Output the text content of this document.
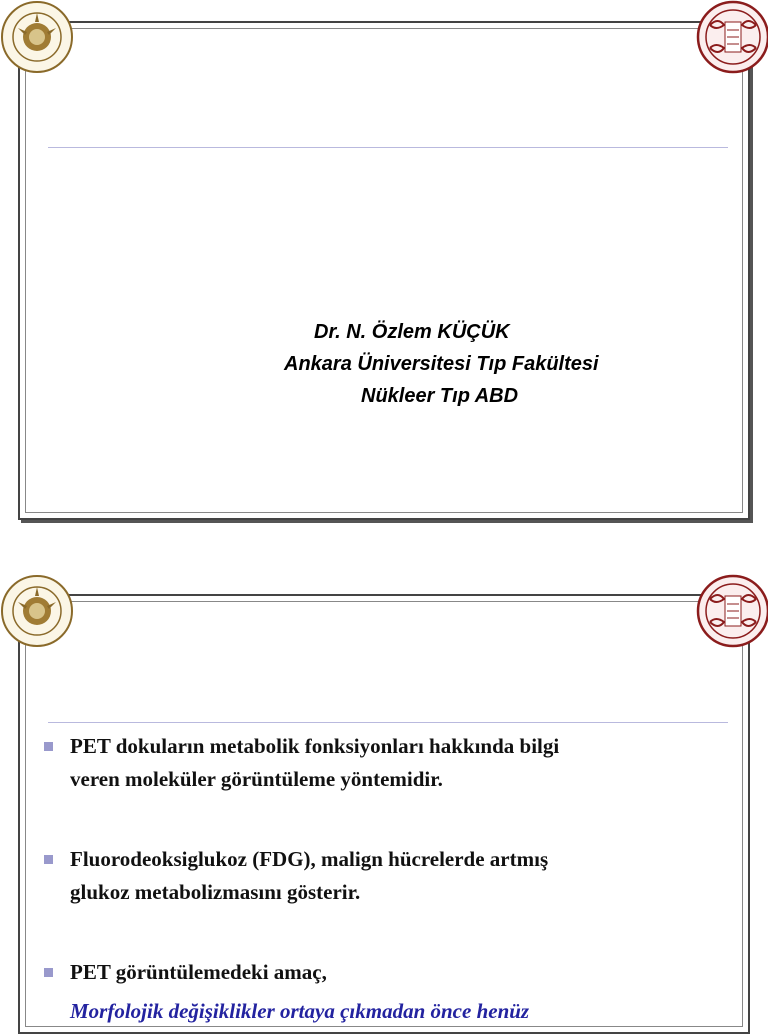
Dr. N. Özlem KÜÇÜK
Ankara Üniversitesi Tıp Fakültesi
Nükleer Tıp ABD
PET dokuların metabolik fonksiyonları hakkında bilgi
veren moleküler görüntüleme yöntemidir.
Fluorodeoksiglukoz (FDG), malign hücrelerde artmış
glukoz metabolizmasını gösterir.
PET görüntülemedeki amaç,
Morfolojik değişiklikler ortaya çıkmadan önce henüz
